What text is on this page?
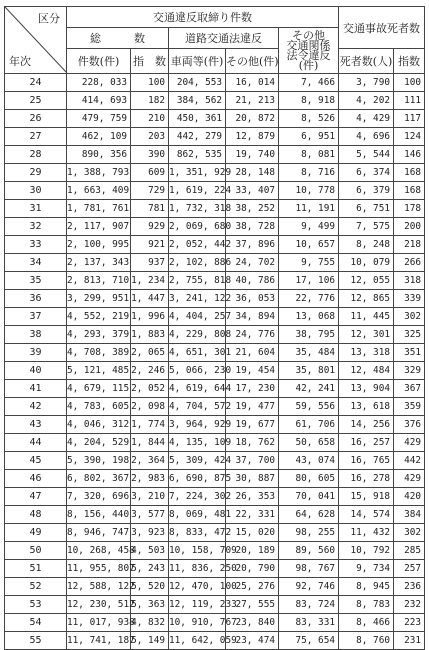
区分
年次	交通違反取締り件数					交通事故死者数	
	総　　　数		道路交通法違反		その他
交通関係
法令違反
(件)		

	件数(件)	指　数	車両等(件)	その他(件)		死者数(人)	指数
24	228, 033	100	204, 553	16, 014	7, 466	3, 790	100
25	414, 693	182	384, 562	21, 213	8, 918	4, 202	111
26	479, 759	210	450, 361	20, 872	8, 526	4, 429	117
27	462, 109	203	442, 279	12, 879	6, 951	4, 696	124
28	890, 356	390	862, 535	19, 740	8, 081	5, 544	146
29	1, 388, 793	609	1, 351, 929	28, 148	8, 716	6, 374	168
30	1, 663, 409	729	1, 619, 224	33, 407	10, 778	6, 379	168
31	1, 781, 761	781	1, 732, 318	38, 252	11, 191	6, 751	178
32	2, 117, 907	929	2, 069, 680	38, 728	9, 499	7, 575	200
33	2, 100, 995	921	2, 052, 442	37, 896	10, 657	8, 248	218
34	2, 137, 343	937	2, 102, 886	24, 702	9, 755	10, 079	266
35	2, 813, 710	1, 234	2, 755, 818	40, 786	17, 106	12, 055	318
36	3, 299, 951	1, 447	3, 241, 122	36, 053	22, 776	12, 865	339
37	4, 552, 219	1, 996	4, 404, 257	34, 894	13, 068	11, 445	302
38	4, 293, 379	1, 883	4, 229, 808	24, 776	38, 795	12, 301	325
39	4, 708, 389	2, 065	4, 651, 301	21, 604	35, 484	13, 318	351
40	5, 121, 485	2, 246	5, 066, 230	19, 454	35, 801	12, 484	329
41	4, 679, 115	2, 052	4, 619, 644	17, 230	42, 241	13, 904	367
42	4, 783, 605	2, 098	4, 704, 572	19, 477	59, 556	13, 618	359
43	4, 046, 312	1, 774	3, 964, 929	19, 677	61, 706	14, 256	376
44	4, 204, 529	1, 844	4, 135, 109	18, 762	50, 658	16, 257	429
45	5, 390, 198	2, 364	5, 309, 424	37, 700	43, 074	16, 765	442
46	6, 802, 367	2, 983	6, 690, 875	30, 887	80, 605	16, 278	429
47	7, 320, 696	3, 210	7, 224, 302	26, 353	70, 041	15, 918	420
48	8, 156, 440	3, 577	8, 069, 481	22, 331	64, 628	14, 574	384
49	8, 946, 747	3, 923	8, 833, 472	15, 020	98, 255	11, 432	302
50	10, 268, 458	4, 503	10, 158, 709	20, 189	89, 560	10, 792	285
51	11, 955, 807	5, 243	11, 836, 250	20, 790	98, 767	9, 734	257
52	12, 588, 122	5, 520	12, 470, 100	25, 276	92, 746	8, 945	236
53	12, 230, 512	5, 363	12, 119, 233	27, 555	83, 724	8, 783	232
54	11, 017, 938	4, 832	10, 910, 767	23, 840	83, 331	8, 466	223
55	11, 741, 187	5, 149	11, 642, 059	23, 474	75, 654	8, 760	231
